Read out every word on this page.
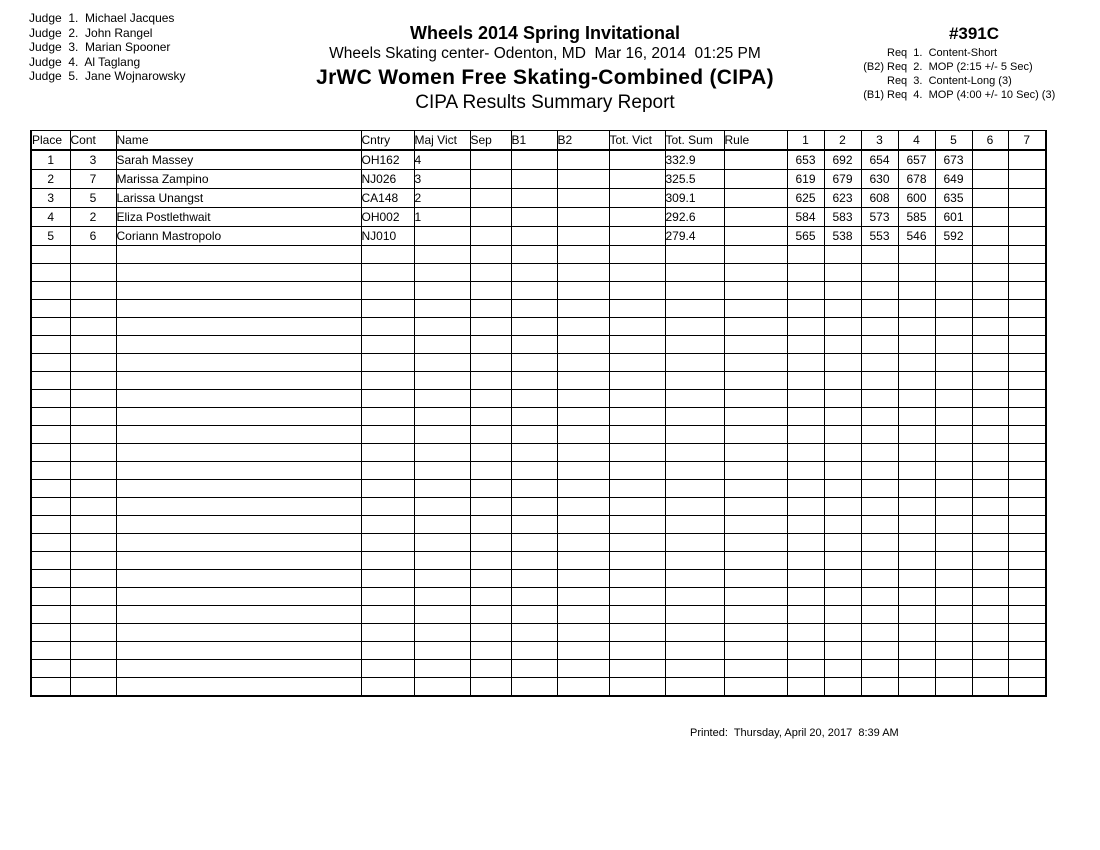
Judge  1.  Michael Jacques
Judge  2.  John Rangel
Judge  3.  Marian Spooner
Judge  4.  Al Taglang
Judge  5.  Jane Wojnarowsky
Wheels 2014 Spring Invitational
Wheels Skating center- Odenton, MD  Mar 16, 2014  01:25 PM
JrWC Women Free Skating-Combined (CIPA)
CIPA Results Summary Report
#391C
Req  1.  Content-Short
(B2) Req  2.  MOP (2:15 +/- 5 Sec)
Req  3.  Content-Long (3)
(B1) Req  4.  MOP (4:00 +/- 10 Sec) (3)
Place	Cont	Name	Cntry	Maj Vict	Sep	B1	B2	Tot. Vict	Tot. Sum	Rule	1	2	3	4	5	6	7
1	3	Sarah Massey	OH162	4					332.9		653	692	654	657	673		
2	7	Marissa Zampino	NJ026	3					325.5		619	679	630	678	649		
3	5	Larissa Unangst	CA148	2					309.1		625	623	608	600	635		
4	2	Eliza Postlethwait	OH002	1					292.6		584	583	573	585	601		
5	6	Coriann Mastropolo	NJ010						279.4		565	538	553	546	592		

Printed:  Thursday, April 20, 2017  8:39 AM
